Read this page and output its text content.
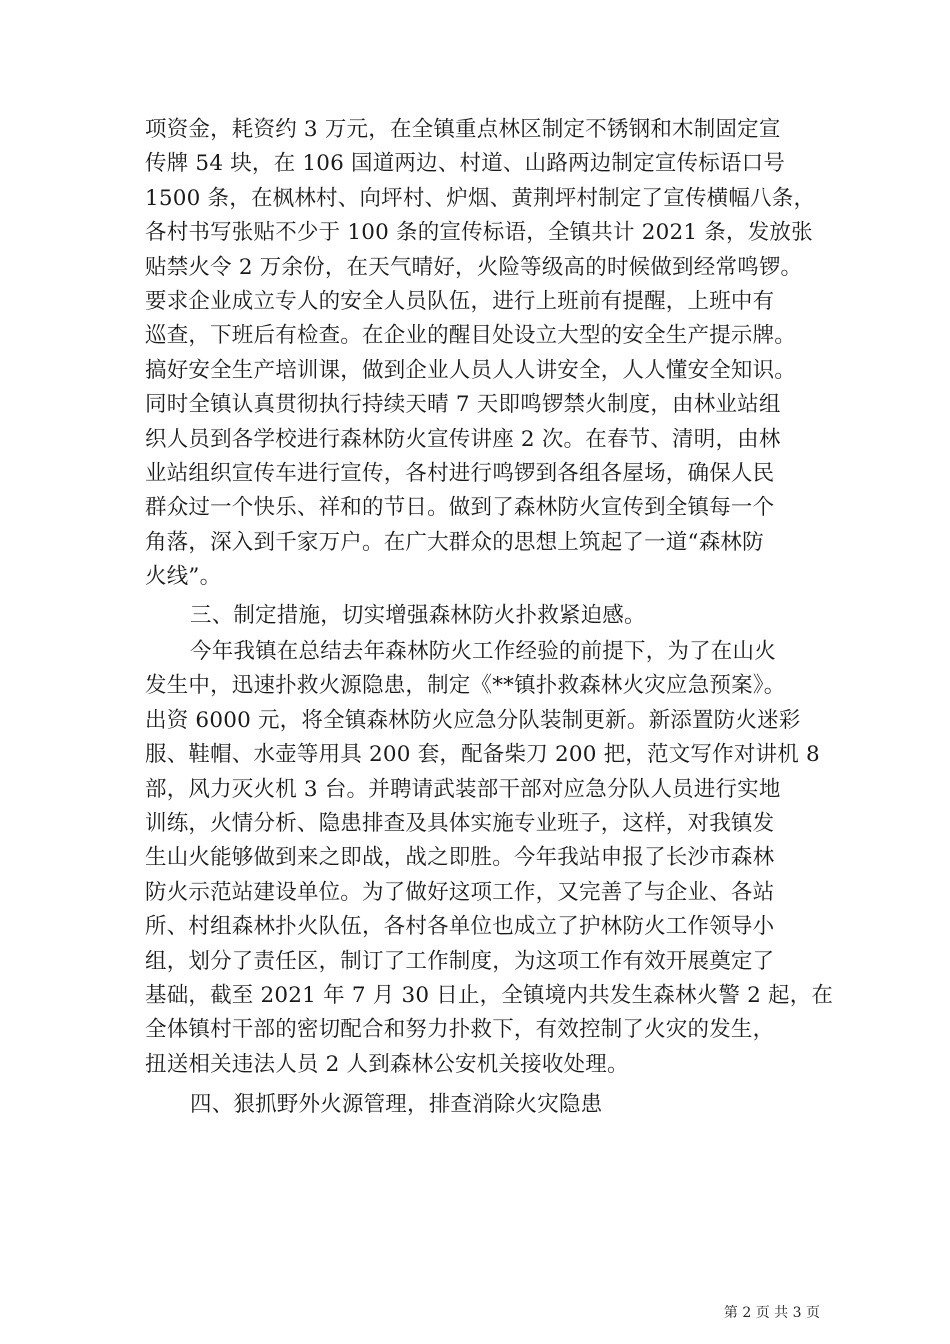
项资金，耗资约 3 万元，在全镇重点林区制定不锈钢和木制固定宣
传牌 54 块，在 106 国道两边、村道、山路两边制定宣传标语口号
1500 条，在枫林村、向坪村、炉烟、黄荆坪村制定了宣传横幅八条，
各村书写张贴不少于 100 条的宣传标语，全镇共计 2021 条，发放张
贴禁火令 2 万余份，在天气晴好，火险等级高的时候做到经常鸣锣。
要求企业成立专人的安全人员队伍，进行上班前有提醒，上班中有
巡查，下班后有检查。在企业的醒目处设立大型的安全生产提示牌。
搞好安全生产培训课，做到企业人员人人讲安全，人人懂安全知识。
同时全镇认真贯彻执行持续天晴 7 天即鸣锣禁火制度，由林业站组
织人员到各学校进行森林防火宣传讲座 2 次。在春节、清明，由林
业站组织宣传车进行宣传，各村进行鸣锣到各组各屋场，确保人民
群众过一个快乐、祥和的节日。做到了森林防火宣传到全镇每一个
角落，深入到千家万户。在广大群众的思想上筑起了一道“森林防
火线”。
三、制定措施，切实增强森林防火扑救紧迫感。
今年我镇在总结去年森林防火工作经验的前提下，为了在山火
发生中，迅速扑救火源隐患，制定《**镇扑救森林火灾应急预案》。
出资 6000 元，将全镇森林防火应急分队装制更新。新添置防火迷彩
服、鞋帽、水壶等用具 200 套，配备柴刀 200 把，范文写作对讲机 8
部，风力灭火机 3 台。并聘请武装部干部对应急分队人员进行实地
训练，火情分析、隐患排查及具体实施专业班子，这样，对我镇发
生山火能够做到来之即战，战之即胜。今年我站申报了长沙市森林
防火示范站建设单位。为了做好这项工作，又完善了与企业、各站
所、村组森林扑火队伍，各村各单位也成立了护林防火工作领导小
组，划分了责任区，制订了工作制度，为这项工作有效开展奠定了
基础，截至 2021 年 7 月 30 日止，全镇境内共发生森林火警 2 起，在
全体镇村干部的密切配合和努力扑救下，有效控制了火灾的发生，
扭送相关违法人员 2 人到森林公安机关接收处理。
四、狠抓野外火源管理，排查消除火灾隐患
第 2 页 共 3 页
